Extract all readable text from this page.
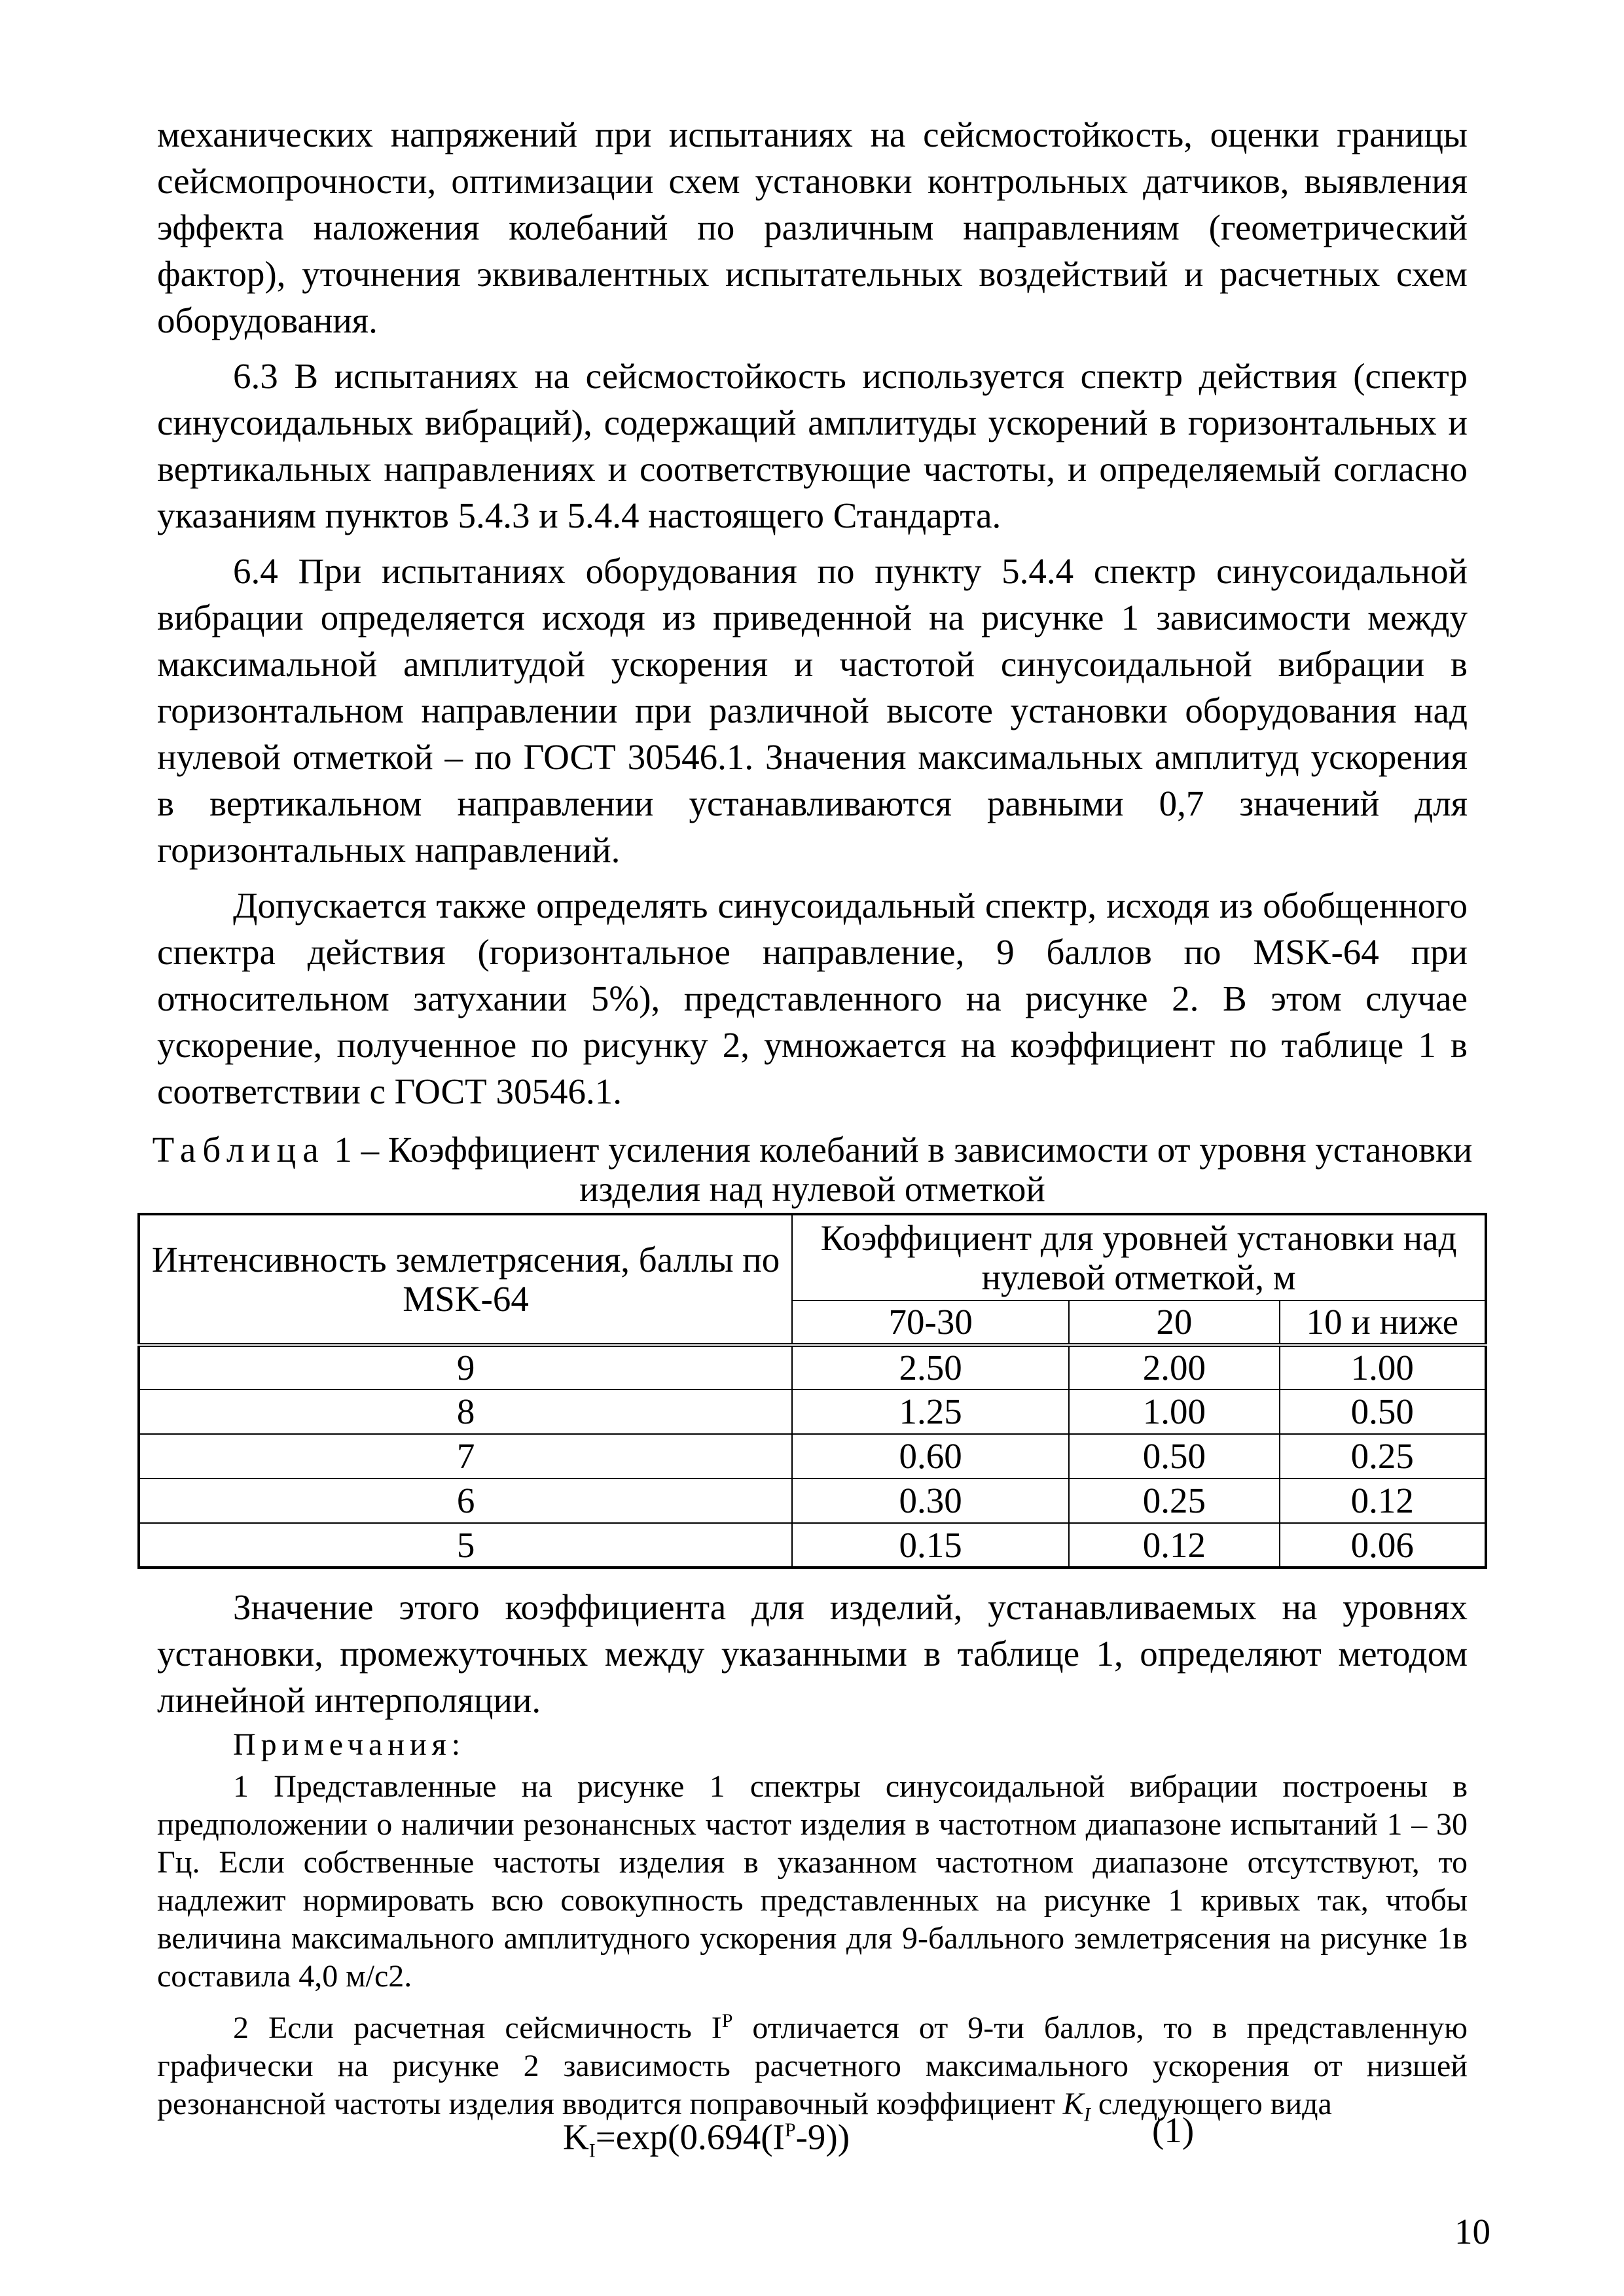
механических напряжений при испытаниях на сейсмостойкость, оценки границы сейсмопрочности, оптимизации схем установки контрольных датчиков, выявления эффекта наложения колебаний по различным направлениям (геометрический фактор), уточнения эквивалентных испытательных воздействий и расчетных схем оборудования.

6.3 В испытаниях на сейсмостойкость используется спектр действия (спектр синусоидальных вибраций), содержащий амплитуды ускорений в горизонтальных и вертикальных направлениях и соответствующие частоты, и определяемый согласно указаниям пунктов 5.4.3 и 5.4.4 настоящего Стандарта.

6.4 При испытаниях оборудования по пункту 5.4.4 спектр синусоидальной вибрации определяется исходя из приведенной на рисунке 1 зависимости между максимальной амплитудой ускорения и частотой синусоидальной вибрации в горизонтальном направлении при различной высоте установки оборудования над нулевой отметкой – по ГОСТ 30546.1. Значения максимальных амплитуд ускорения в вертикальном направлении устанавливаются равными 0,7 значений для горизонтальных направлений.

Допускается также определять синусоидальный спектр, исходя из обобщенного спектра действия (горизонтальное направление, 9 баллов по MSK-64 при относительном затухании 5%), представленного на рисунке 2. В этом случае ускорение, полученное по рисунку 2, умножается на коэффициент по таблице 1 в соответствии с ГОСТ 30546.1.

Таблица 1 – Коэффициент усиления колебаний в зависимости от уровня установки изделия над нулевой отметкой

Интенсивность землетрясения, баллы по MSK-64	Коэффициент для уровней установки над нулевой отметкой, м		
	70-30	20	10 и ниже
9	2.50	2.00	1.00
8	1.25	1.00	0.50
7	0.60	0.50	0.25
6	0.30	0.25	0.12
5	0.15	0.12	0.06

Значение этого коэффициента для изделий, устанавливаемых на уровнях установки, промежуточных между указанными в таблице 1, определяют методом линейной интерполяции.

Примечания:

1 Представленные на рисунке 1 спектры синусоидальной вибрации построены в предположении о наличии резонансных частот изделия в частотном диапазоне испытаний 1 – 30 Гц. Если собственные частоты изделия в указанном частотном диапазоне отсутствуют, то надлежит нормировать всю совокупность представленных на рисунке 1 кривых так, чтобы величина максимального амплитудного ускорения для 9-балльного землетрясения на рисунке 1в составила 4,0 м/с2.

2 Если расчетная сейсмичность $I^P$ отличается от 9-ти баллов, то в представленную графически на рисунке 2 зависимость расчетного максимального ускорения от низшей резонансной частоты изделия вводится поправочный коэффициент $K_I$ следующего вида

$K_I=\exp(0.694(I^P-9))$	(1)
10
